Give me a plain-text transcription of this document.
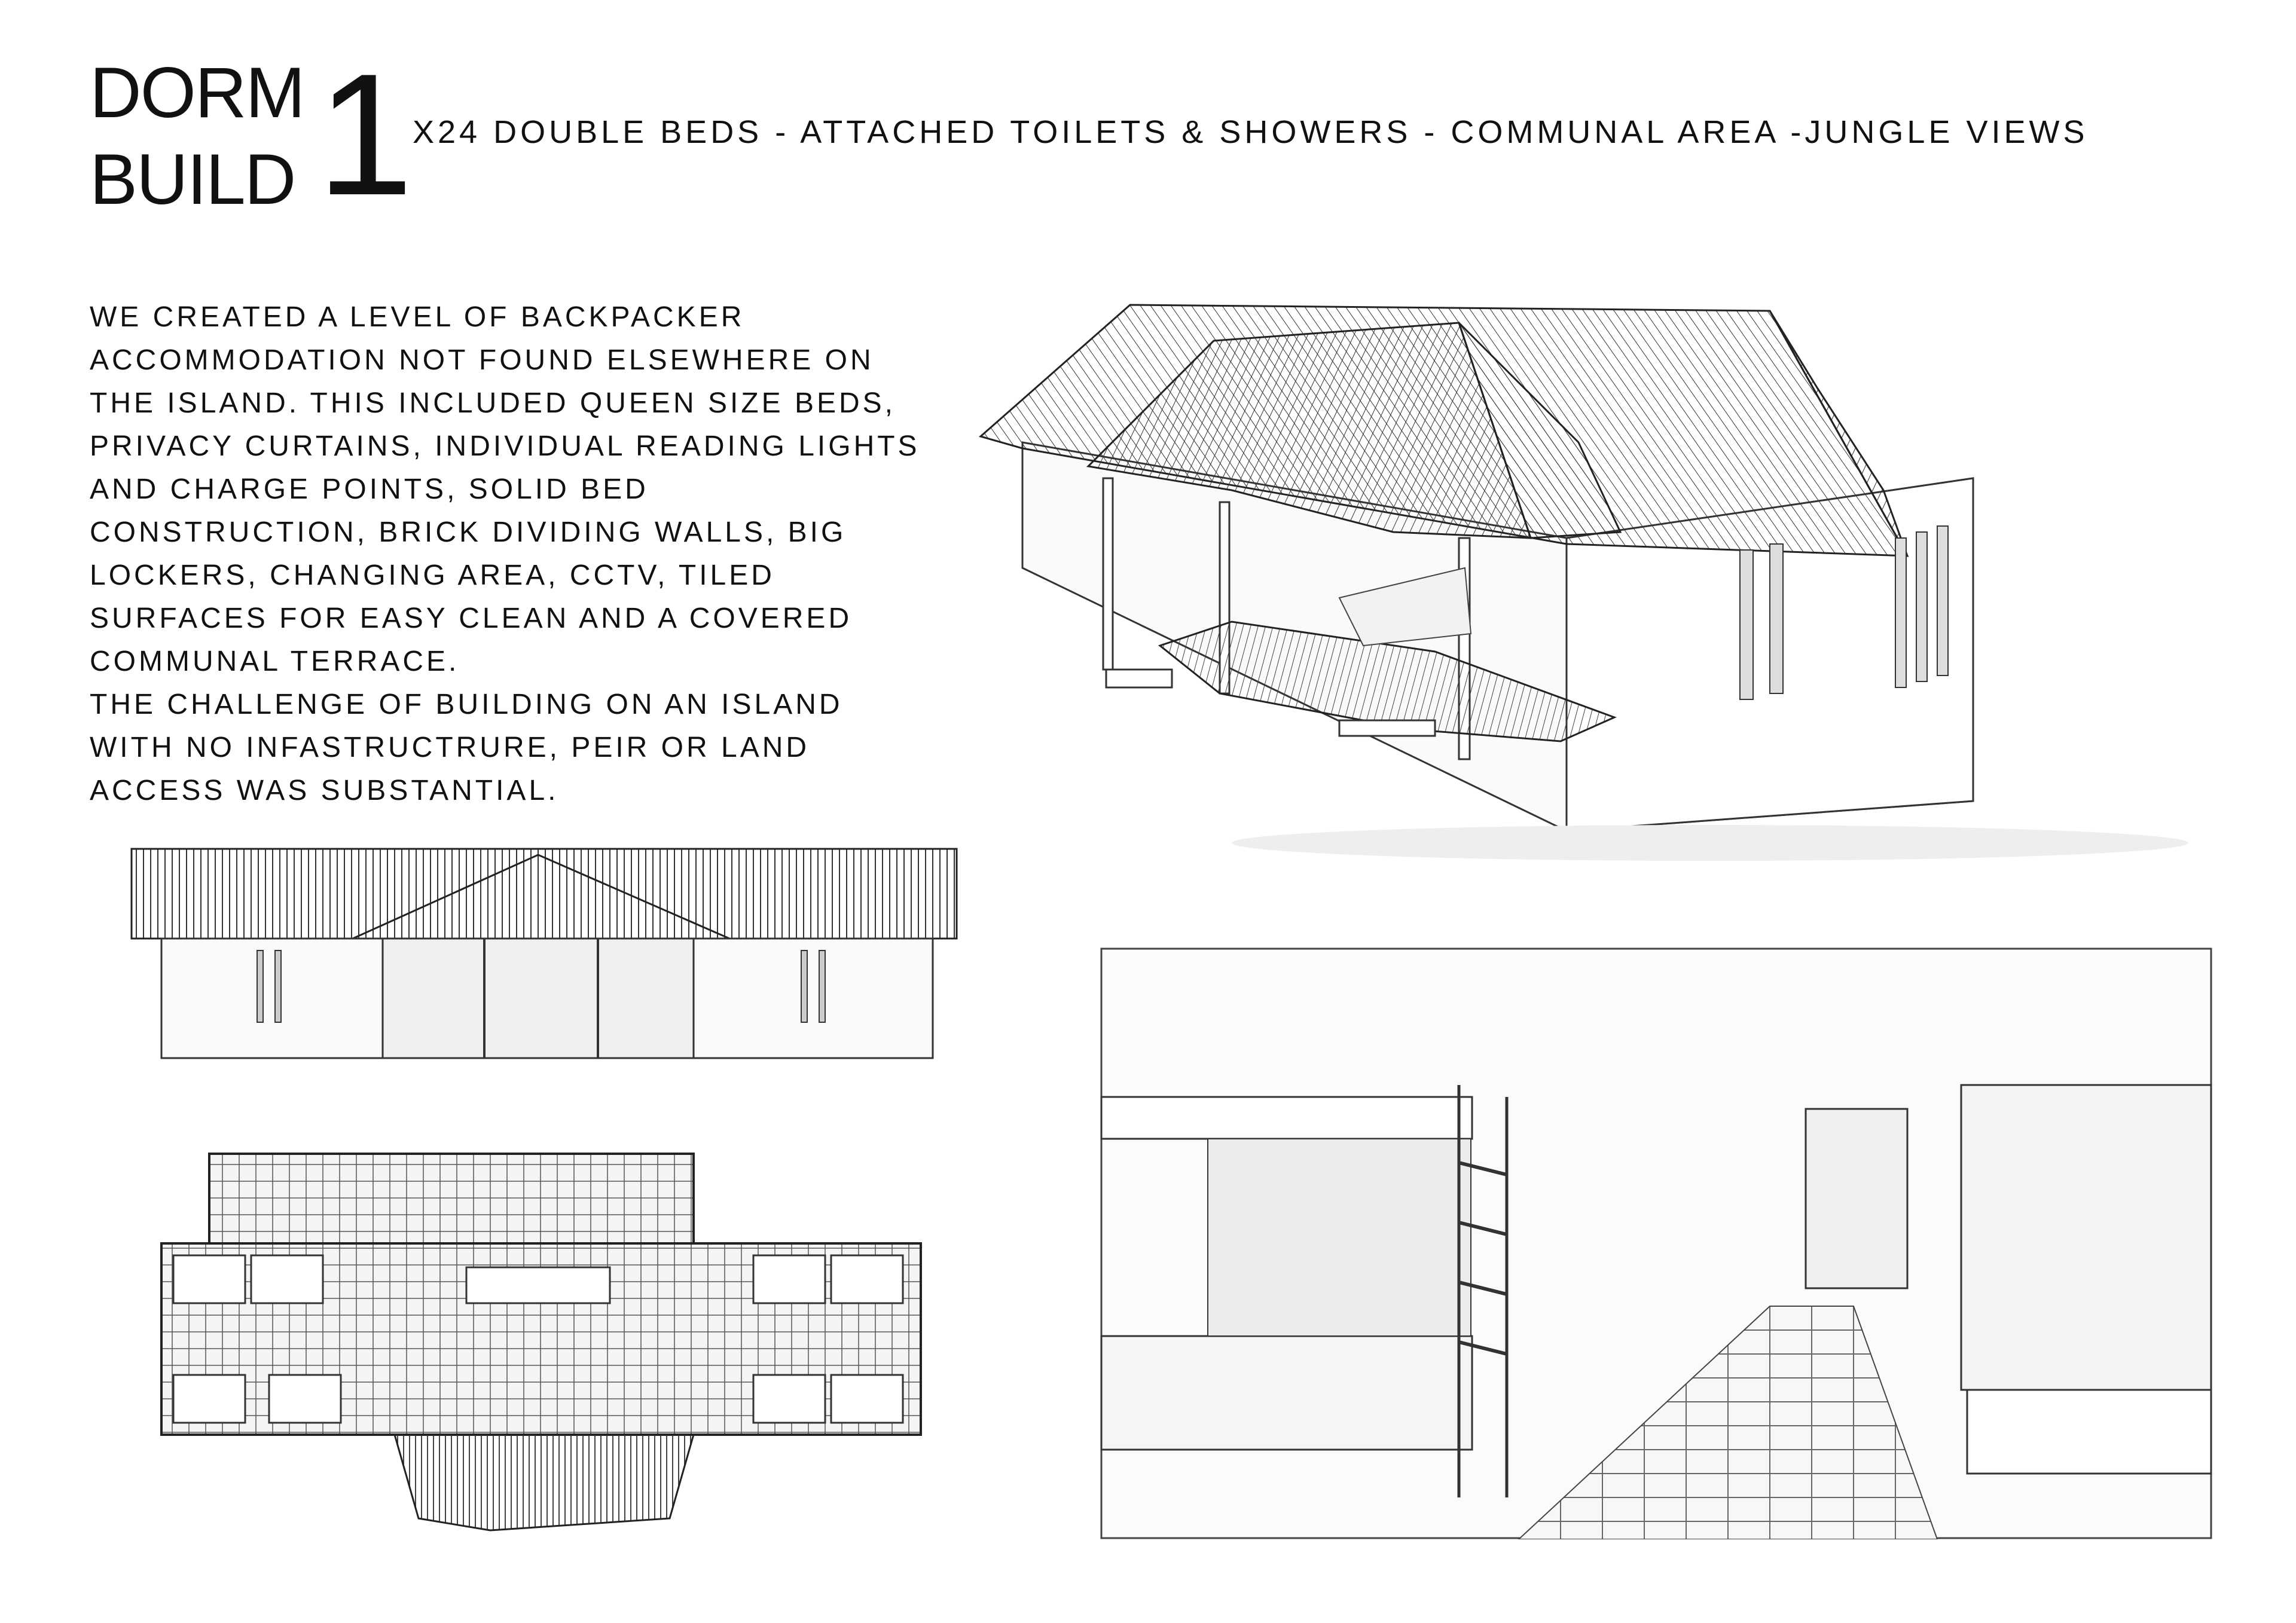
DORM
BUILD 1
X24 DOUBLE BEDS - ATTACHED TOILETS & SHOWERS - COMMUNAL AREA -JUNGLE VIEWS

WE CREATED A LEVEL OF BACKPACKER ACCOMMODATION NOT FOUND ELSEWHERE ON THE ISLAND. THIS INCLUDED QUEEN SIZE BEDS, PRIVACY CURTAINS, INDIVIDUAL READING LIGHTS AND CHARGE POINTS, SOLID BED CONSTRUCTION, BRICK DIVIDING WALLS, BIG LOCKERS, CHANGING AREA, CCTV, TILED SURFACES FOR EASY CLEAN AND A COVERED COMMUNAL TERRACE.

THE CHALLENGE OF BUILDING ON AN ISLAND WITH NO INFASTRUCTRURE, PEIR OR LAND ACCESS WAS SUBSTANTIAL.
